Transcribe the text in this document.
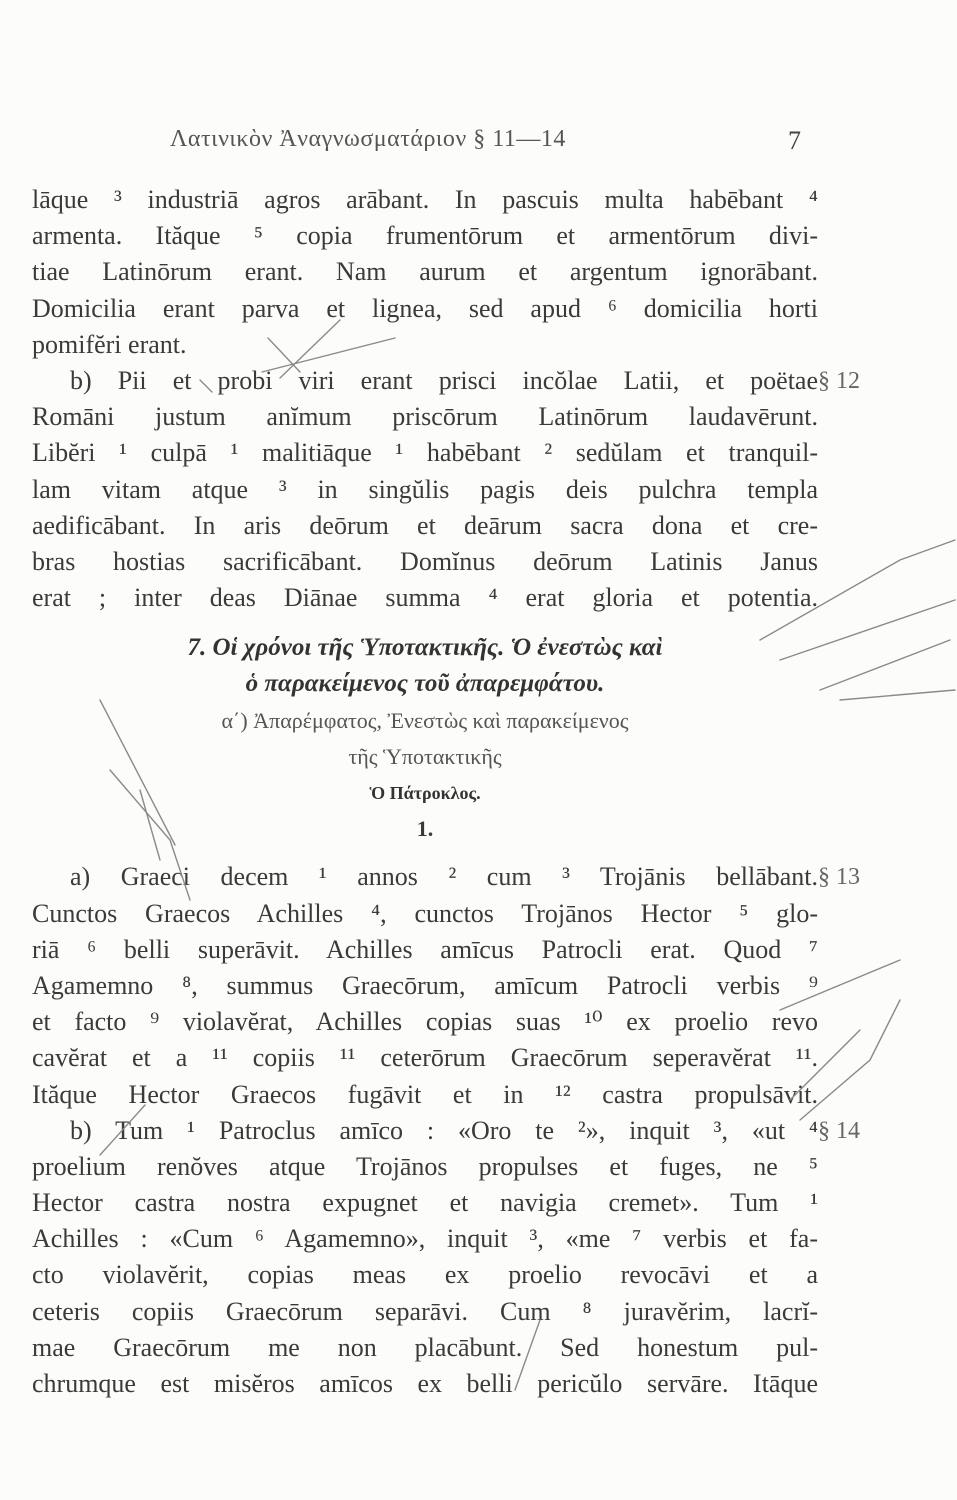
Λατινικὸν Ἀναγνωσματάριον § 11—14	7
lāque ³ industriā agros arābant. In pascuis multa habēbant ⁴
armenta. Ităque ⁵ copia frumentōrum et armentōrum divi-
tiae Latinōrum erant. Nam aurum et argentum ignorābant.
Domicilia erant parva et lignea, sed apud ⁶ domicilia horti
pomifĕri erant.
b) Pii et probi viri erant prisci incŏlae Latii, et poëtae § 12
Romāni justum anĭmum priscōrum Latinōrum laudavērunt.
Libĕri ¹ culpā ¹ malitiāque ¹ habēbant ² sedŭlam et tranquil-
lam vitam atque ³ in singŭlis pagis deis pulchra templa
aedificābant. In aris deōrum et deārum sacra dona et cre-
bras hostias sacrificābant. Domĭnus deōrum Latinis Janus
erat ; inter deas Diānae summa ⁴ erat gloria et potentia.
7. Οἱ χρόνοι τῆς Ὑποτακτικῆς. Ὁ ἐνεστὼς καὶ
ὁ παρακείμενος τοῦ ἀπαρεμφάτου.
α΄) Ἀπαρέμφατος, Ἐνεστὼς καὶ παρακείμενος
τῆς Ὑποτακτικῆς
Ὁ Πάτροκλος.
1.
a) Graeci decem ¹ annos ² cum ³ Trojānis bellābant. § 13
Cunctos Graecos Achilles ⁴, cunctos Trojānos Hector ⁵ glo-
riā ⁶ belli superāvit. Achilles amīcus Patrocli erat. Quod ⁷
Agamemno ⁸, summus Graecōrum, amīcum Patrocli verbis ⁹
et facto ⁹ violavĕrat, Achilles copias suas ¹⁰ ex proelio revo
cavĕrat et a ¹¹ copiis ¹¹ ceterōrum Graecōrum seperavĕrat ¹¹.
Ităque Hector Graecos fugāvit et in ¹² castra propulsāvit.
b) Tum ¹ Patroclus amīco : «Oro te ²», inquit ³, «ut ⁴ § 14
proelium renŏves atque Trojānos propulses et fuges, ne ⁵
Hector castra nostra expugnet et navigia cremet». Tum ¹
Achilles : «Cum ⁶ Agamemno», inquit ³, «me ⁷ verbis et fa-
cto violavĕrit, copias meas ex proelio revocāvi et a
ceteris copiis Graecōrum separāvi. Cum ⁸ juravĕrim, lacrĭ-
mae Graecōrum me non placābunt. Sed honestum pul-
chrumque est misĕros amīcos ex belli pericŭlo servāre. Itāque
